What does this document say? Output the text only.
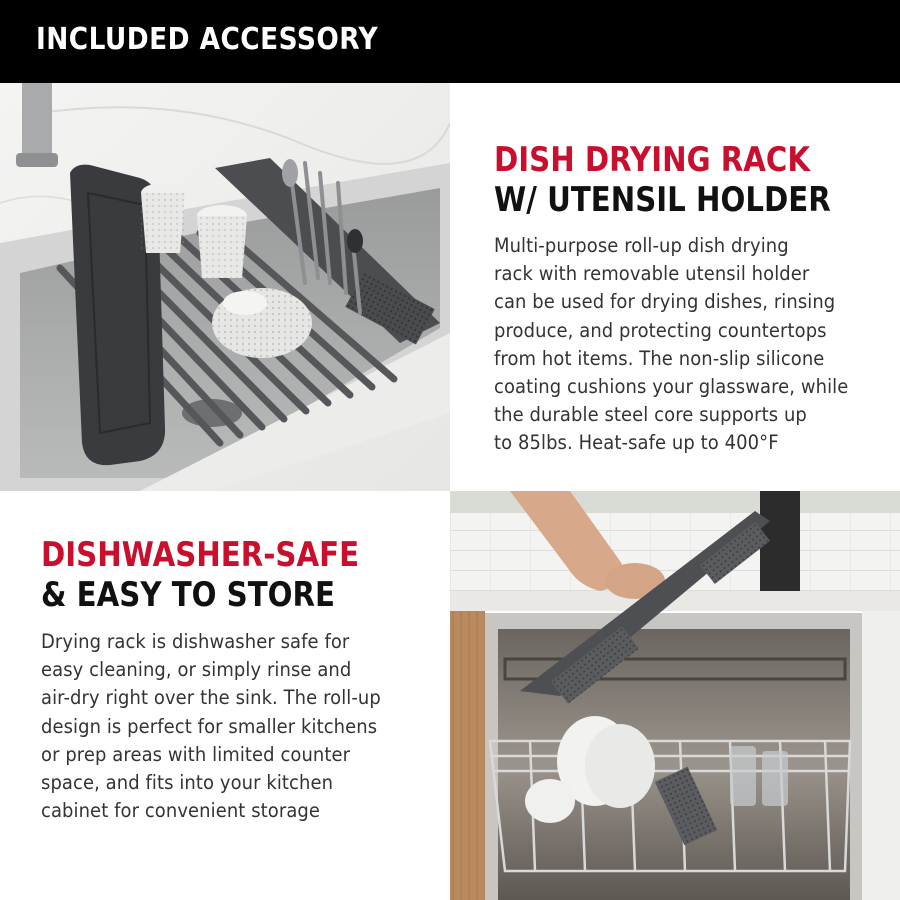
INCLUDED ACCESSORY
DISH DRYING RACK
W/ UTENSIL HOLDER
Multi-purpose roll-up dish drying
rack with removable utensil holder
can be used for drying dishes, rinsing
produce, and protecting countertops
from hot items. The non-slip silicone
coating cushions your glassware, while
the durable steel core supports up
to 85lbs. Heat-safe up to 400°F
DISHWASHER-SAFE
& EASY TO STORE
Drying rack is dishwasher safe for
easy cleaning, or simply rinse and
air-dry right over the sink. The roll-up
design is perfect for smaller kitchens
or prep areas with limited counter
space, and fits into your kitchen
cabinet for convenient storage
